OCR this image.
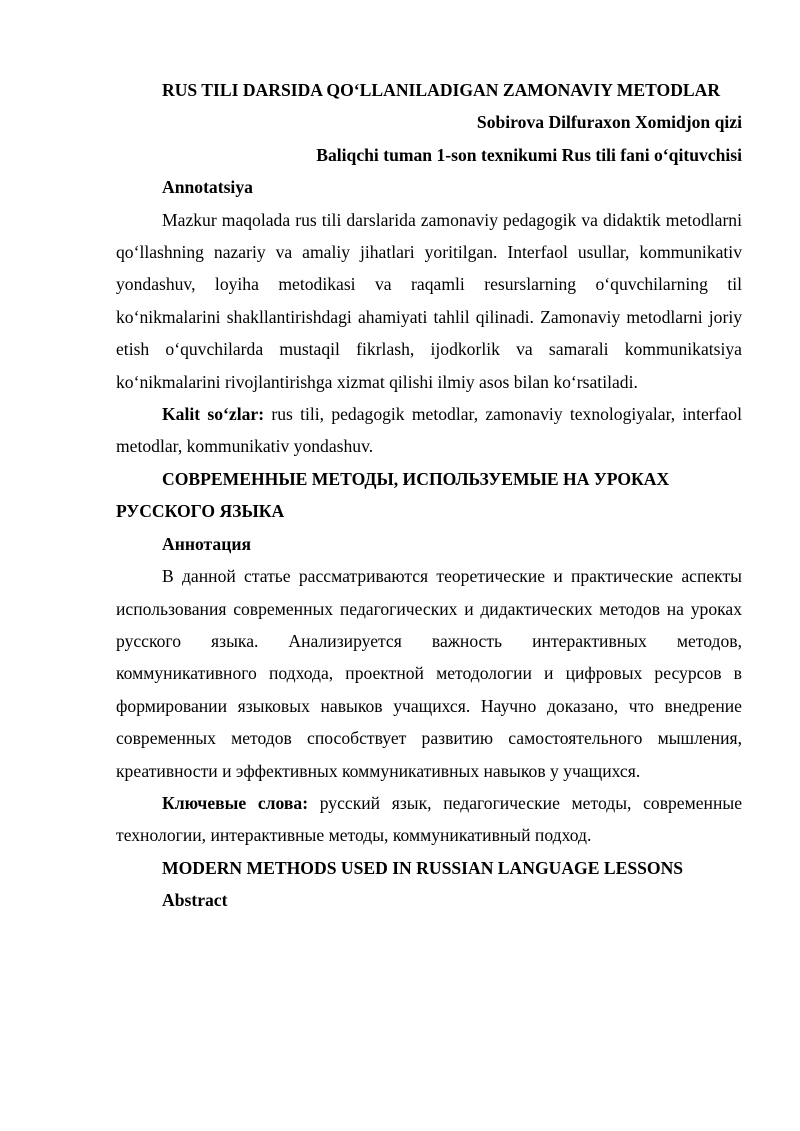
RUS TILI DARSIDA QO‘LLANILADIGAN ZAMONAVIY METODLAR

Sobirova Dilfuraxon Xomidjon qizi

Baliqchi tuman 1-son texnikumi Rus tili fani o‘qituvchisi

Annotatsiya

Mazkur maqolada rus tili darslarida zamonaviy pedagogik va didaktik metodlarni qo‘llashning nazariy va amaliy jihatlari yoritilgan. Interfaol usullar, kommunikativ yondashuv, loyiha metodikasi va raqamli resurslarning o‘quvchilarning til ko‘nikmalarini shakllantirishdagi ahamiyati tahlil qilinadi. Zamonaviy metodlarni joriy etish o‘quvchilarda mustaqil fikrlash, ijodkorlik va samarali kommunikatsiya ko‘nikmalarini rivojlantirishga xizmat qilishi ilmiy asos bilan ko‘rsatiladi.

Kalit so‘zlar: rus tili, pedagogik metodlar, zamonaviy texnologiyalar, interfaol metodlar, kommunikativ yondashuv.

СОВРЕМЕННЫЕ МЕТОДЫ, ИСПОЛЬЗУЕМЫЕ НА УРОКАХ РУССКОГО ЯЗЫКА

Аннотация

В данной статье рассматриваются теоретические и практические аспекты использования современных педагогических и дидактических методов на уроках русского языка. Анализируется важность интерактивных методов, коммуникативного подхода, проектной методологии и цифровых ресурсов в формировании языковых навыков учащихся. Научно доказано, что внедрение современных методов способствует развитию самостоятельного мышления, креативности и эффективных коммуникативных навыков у учащихся.

Ключевые слова: русский язык, педагогические методы, современные технологии, интерактивные методы, коммуникативный подход.

MODERN METHODS USED IN RUSSIAN LANGUAGE LESSONS

Abstract
